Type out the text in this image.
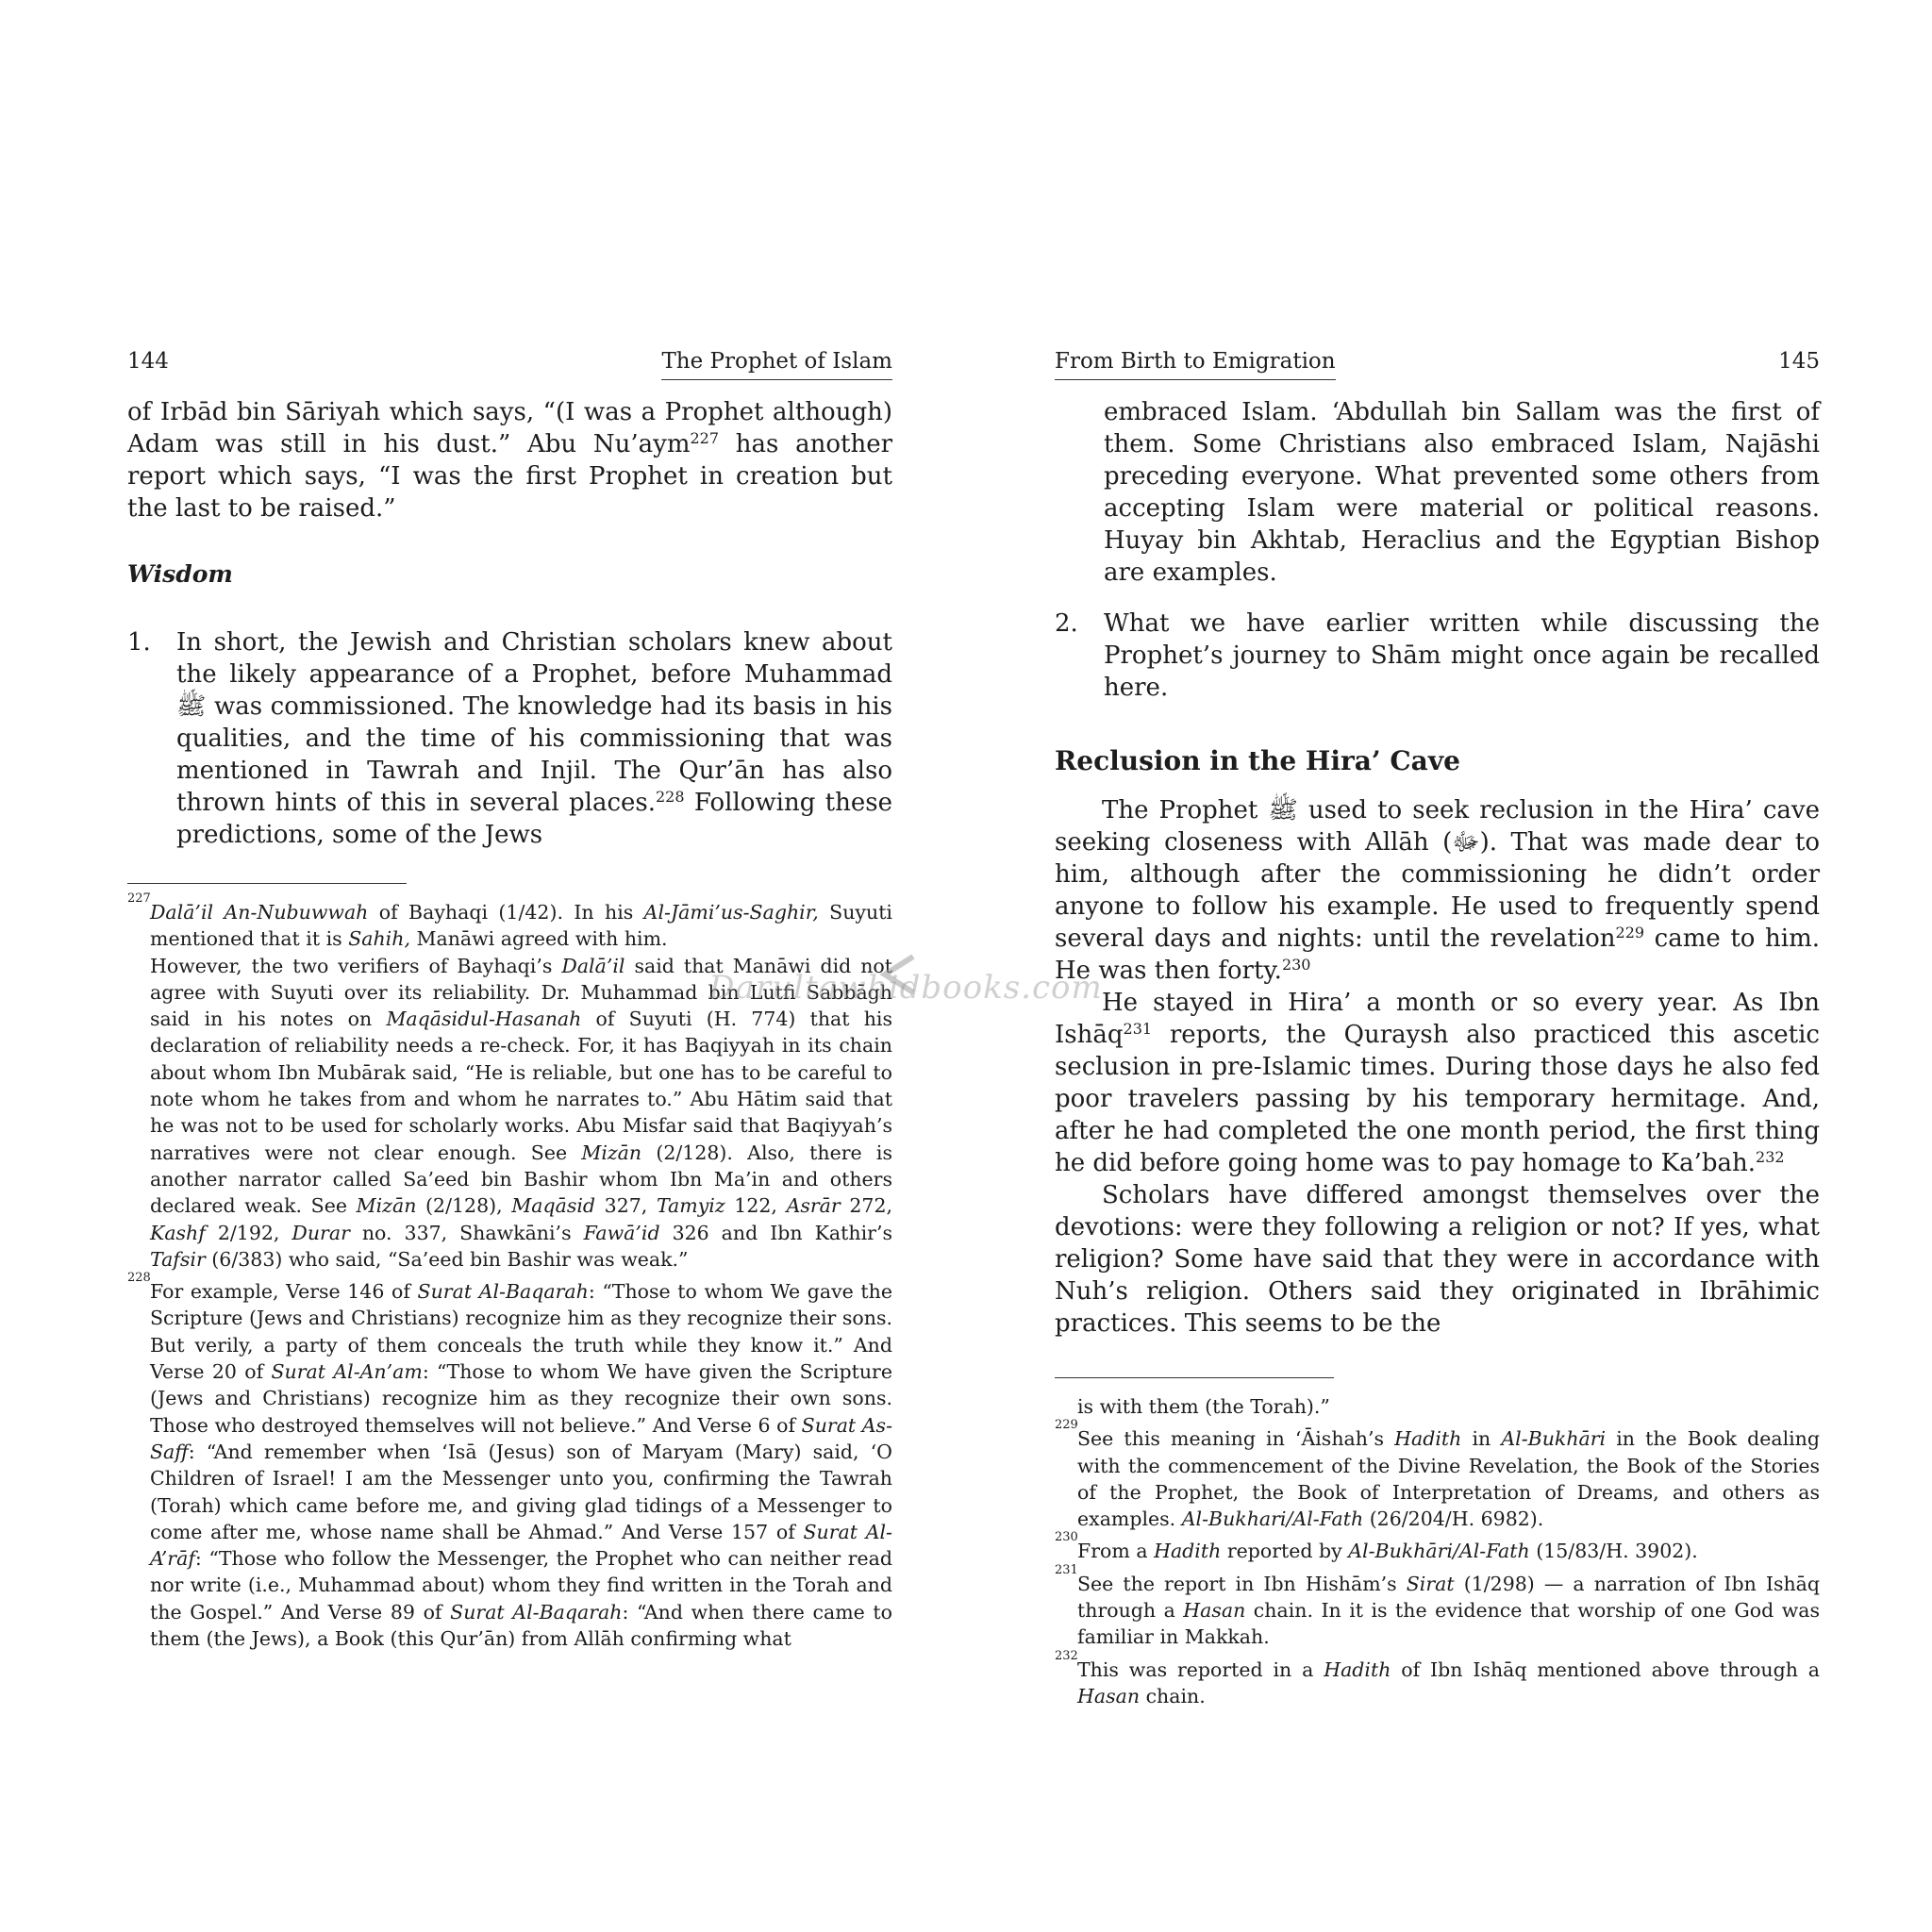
144	The Prophet of Islam

of Irbād bin Sāriyah which says, “(I was a Prophet although) Adam was still in his dust.” Abu Nu’aym$^{227}$ has another report which says, “I was the first Prophet in creation but the last to be raised.”

Wisdom
1.	In short, the Jewish and Christian scholars knew about the likely appearance of a Prophet, before Muhammad ﷺ was commissioned. The knowledge had its basis in his qualities, and the time of his commissioning that was mentioned in Tawrah and Injil. The Qur’ān has also thrown hints of this in several places.$^{228}$ Following these predictions, some of the Jews
227
Dalā’il An-Nubuwwah of Bayhaqi (1/42). In his Al-Jāmi’us-Saghir, Suyuti mentioned that it is Sahih, Manāwi agreed with him.

However, the two verifiers of Bayhaqi’s Dalā’il said that Manāwi did not agree with Suyuti over its reliability. Dr. Muhammad bin Lutfi Sabbāgh said in his notes on Maqāsidul-Hasanah of Suyuti (H. 774) that his declaration of reliability needs a re-check. For, it has Baqiyyah in its chain about whom Ibn Mubārak said, “He is reliable, but one has to be careful to note whom he takes from and whom he narrates to.” Abu Hātim said that he was not to be used for scholarly works. Abu Misfar said that Baqiyyah’s narratives were not clear enough. See Mizān (2/128). Also, there is another narrator called Sa’eed bin Bashir whom Ibn Ma’in and others declared weak. See Mizān (2/128), Maqāsid 327, Tamyiz 122, Asrār 272, Kashf 2/192, Durar no. 337, Shawkāni’s Fawā’id 326 and Ibn Kathir’s Tafsir (6/383) who said, “Sa’eed bin Bashir was weak.”

228
For example, Verse 146 of Surat Al-Baqarah: “Those to whom We gave the Scripture (Jews and Christians) recognize him as they recognize their sons. But verily, a party of them conceals the truth while they know it.” And Verse 20 of Surat Al-An’am: “Those to whom We have given the Scripture (Jews and Christians) recognize him as they recognize their own sons. Those who destroyed themselves will not believe.” And Verse 6 of Surat As-Saff: “And remember when ‘Isā (Jesus) son of Maryam (Mary) said, ‘O Children of Israel! I am the Messenger unto you, confirming the Tawrah (Torah) which came before me, and giving glad tidings of a Messenger to come after me, whose name shall be Ahmad.” And Verse 157 of Surat Al-A’rāf: “Those who follow the Messenger, the Prophet who can neither read nor write (i.e., Muhammad about) whom they find written in the Torah and the Gospel.” And Verse 89 of Surat Al-Baqarah: “And when there came to them (the Jews), a Book (this Qur’ān) from Allāh confirming what
From Birth to Emigration	145
embraced Islam. ‘Abdullah bin Sallam was the first of them. Some Christians also embraced Islam, Najāshi preceding everyone. What prevented some others from accepting Islam were material or political reasons. Huyay bin Akhtab, Heraclius and the Egyptian Bishop are examples.
2.	What we have earlier written while discussing the Prophet’s journey to Shām might once again be recalled here.
Reclusion in the Hira’ Cave

The Prophet ﷺ used to seek reclusion in the Hira’ cave seeking closeness with Allāh (ﷻ). That was made dear to him, although after the commissioning he didn’t order anyone to follow his example. He used to frequently spend several days and nights: until the revelation$^{229}$ came to him. He was then forty.$^{230}$

He stayed in Hira’ a month or so every year. As Ibn Ishāq$^{231}$ reports, the Quraysh also practiced this ascetic seclusion in pre-Islamic times. During those days he also fed poor travelers passing by his temporary hermitage. And, after he had completed the one month period, the first thing he did before going home was to pay homage to Ka’bah.$^{232}$

Scholars have differed amongst themselves over the devotions: were they following a religion or not? If yes, what religion? Some have said that they were in accordance with Nuh’s religion. Others said they originated in Ibrāhimic practices. This seems to be the

is with them (the Torah).”

229
See this meaning in ‘Āishah’s Hadith in Al-Bukhāri in the Book dealing with the commencement of the Divine Revelation, the Book of the Stories of the Prophet, the Book of Interpretation of Dreams, and others as examples. Al-Bukhari/Al-Fath (26/204/H. 6982).
230
From a Hadith reported by Al-Bukhāri/Al-Fath (15/83/H. 3902).
231
See the report in Ibn Hishām’s Sirat (1/298) — a narration of Ibn Ishāq through a Hasan chain. In it is the evidence that worship of one God was familiar in Makkah.
232
This was reported in a Hadith of Ibn Ishāq mentioned above through a Hasan chain.
Darultawhidbooks.com
